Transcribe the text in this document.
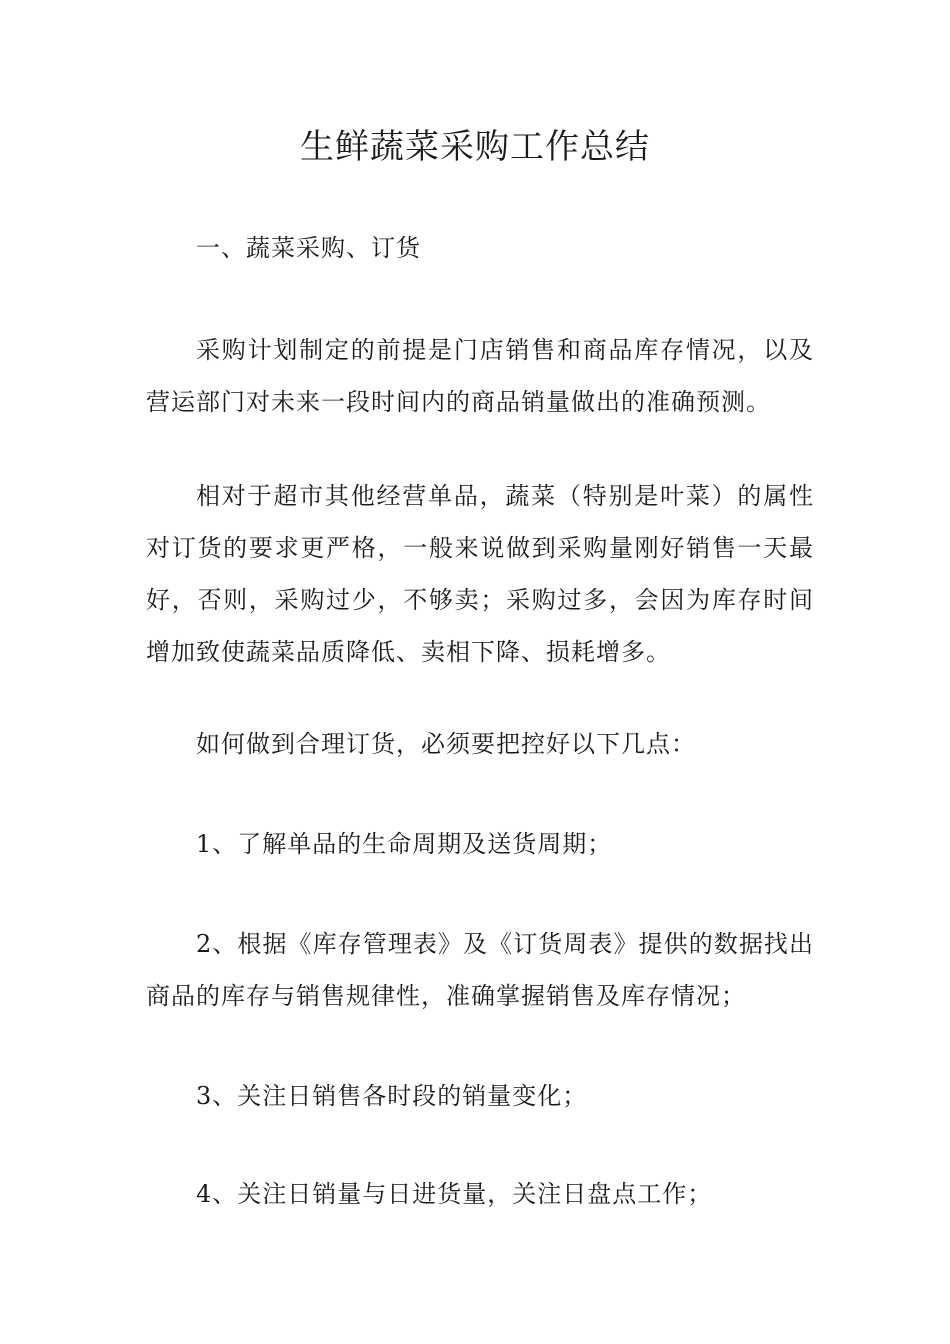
生鲜蔬菜采购工作总结

一、蔬菜采购、订货

采购计划制定的前提是门店销售和商品库存情况，以及营运部门对未来一段时间内的商品销量做出的准确预测。

相对于超市其他经营单品，蔬菜（特别是叶菜）的属性对订货的要求更严格，一般来说做到采购量刚好销售一天最好，否则，采购过少，不够卖；采购过多，会因为库存时间增加致使蔬菜品质降低、卖相下降、损耗增多。

如何做到合理订货，必须要把控好以下几点：

1、了解单品的生命周期及送货周期；

2、根据《库存管理表》及《订货周表》提供的数据找出商品的库存与销售规律性，准确掌握销售及库存情况；

3、关注日销售各时段的销量变化；

4、关注日销量与日进货量，关注日盘点工作；
